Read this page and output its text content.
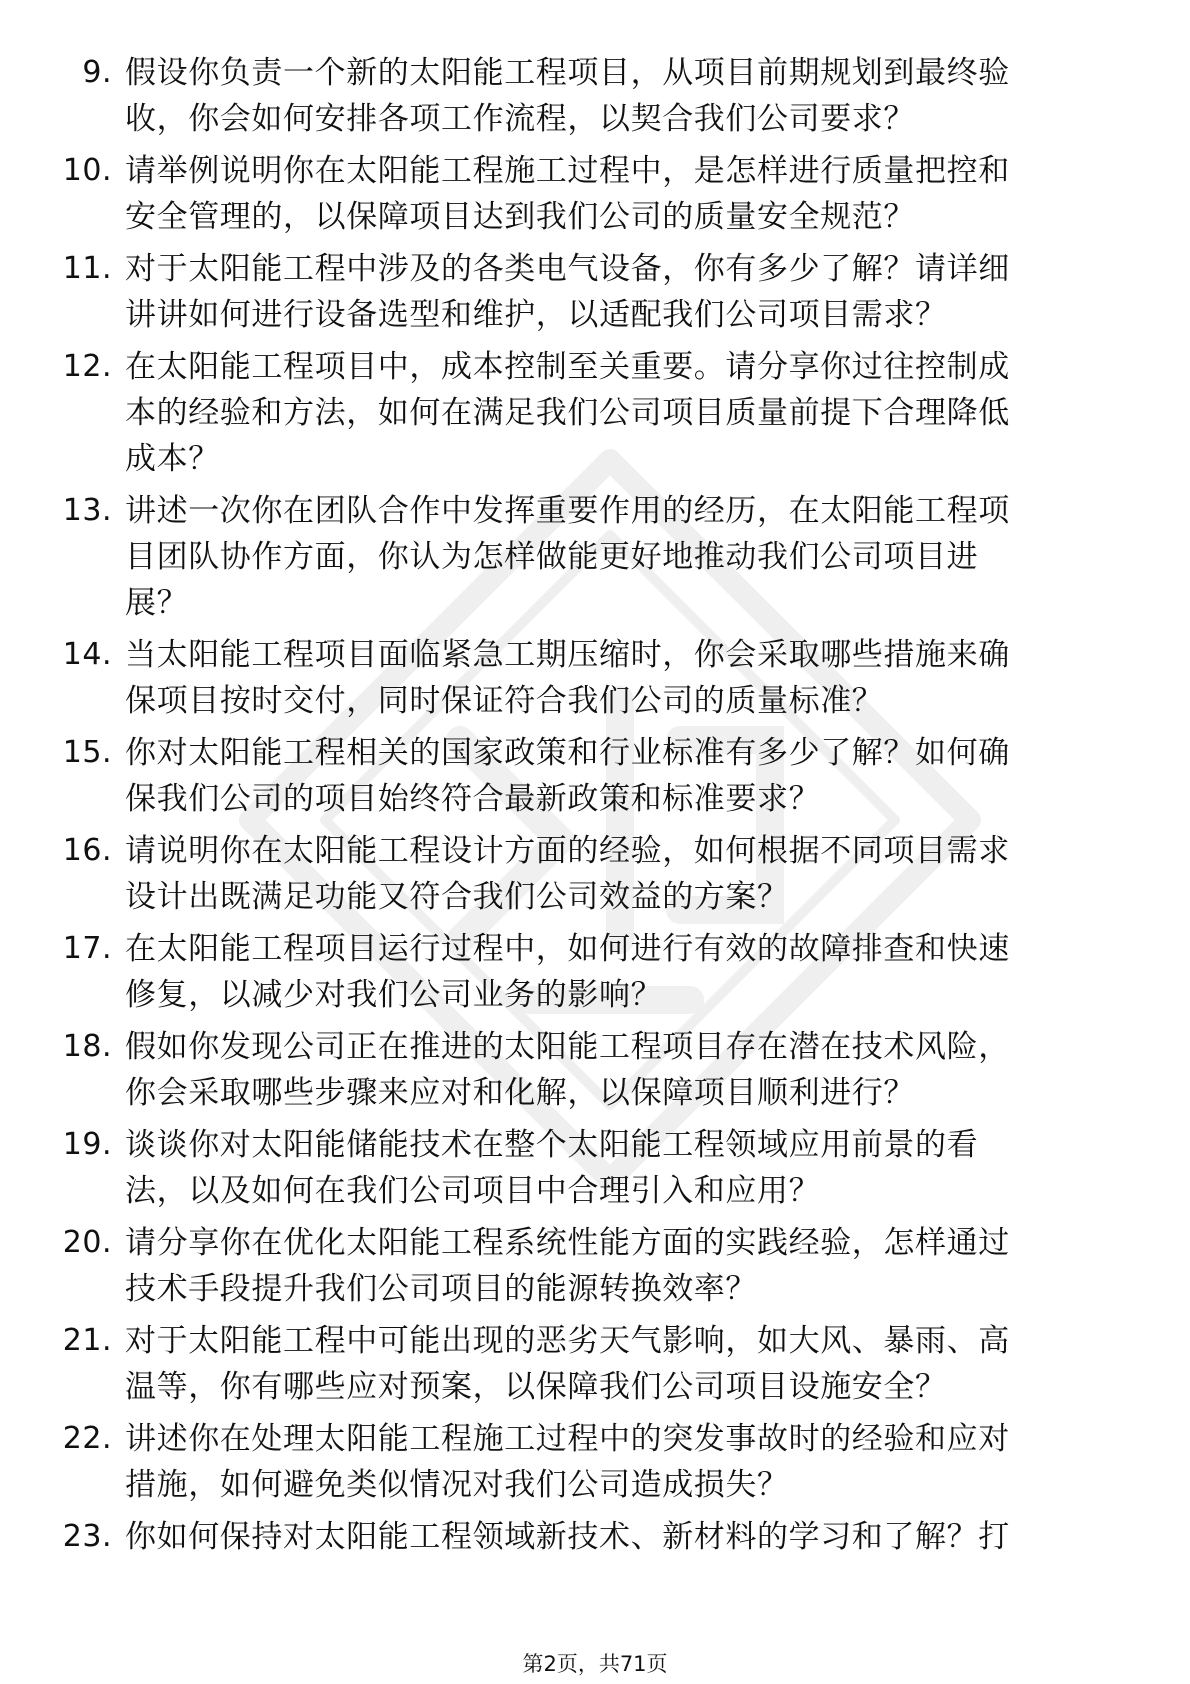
9. 假设你负责一个新的太阳能工程项目，从项目前期规划到最终验
收，你会如何安排各项工作流程，以契合我们公司要求？
10. 请举例说明你在太阳能工程施工过程中，是怎样进行质量把控和
安全管理的，以保障项目达到我们公司的质量安全规范？
11. 对于太阳能工程中涉及的各类电气设备，你有多少了解？请详细
讲讲如何进行设备选型和维护，以适配我们公司项目需求？
12. 在太阳能工程项目中，成本控制至关重要。请分享你过往控制成
本的经验和方法，如何在满足我们公司项目质量前提下合理降低
成本？
13. 讲述一次你在团队合作中发挥重要作用的经历，在太阳能工程项
目团队协作方面，你认为怎样做能更好地推动我们公司项目进
展？
14. 当太阳能工程项目面临紧急工期压缩时，你会采取哪些措施来确
保项目按时交付，同时保证符合我们公司的质量标准？
15. 你对太阳能工程相关的国家政策和行业标准有多少了解？如何确
保我们公司的项目始终符合最新政策和标准要求？
16. 请说明你在太阳能工程设计方面的经验，如何根据不同项目需求
设计出既满足功能又符合我们公司效益的方案？
17. 在太阳能工程项目运行过程中，如何进行有效的故障排查和快速
修复，以减少对我们公司业务的影响？
18. 假如你发现公司正在推进的太阳能工程项目存在潜在技术风险，
你会采取哪些步骤来应对和化解，以保障项目顺利进行？
19. 谈谈你对太阳能储能技术在整个太阳能工程领域应用前景的看
法，以及如何在我们公司项目中合理引入和应用？
20. 请分享你在优化太阳能工程系统性能方面的实践经验，怎样通过
技术手段提升我们公司项目的能源转换效率？
21. 对于太阳能工程中可能出现的恶劣天气影响，如大风、暴雨、高
温等，你有哪些应对预案，以保障我们公司项目设施安全？
22. 讲述你在处理太阳能工程施工过程中的突发事故时的经验和应对
措施，如何避免类似情况对我们公司造成损失？
23. 你如何保持对太阳能工程领域新技术、新材料的学习和了解？打
第2页，共71页
